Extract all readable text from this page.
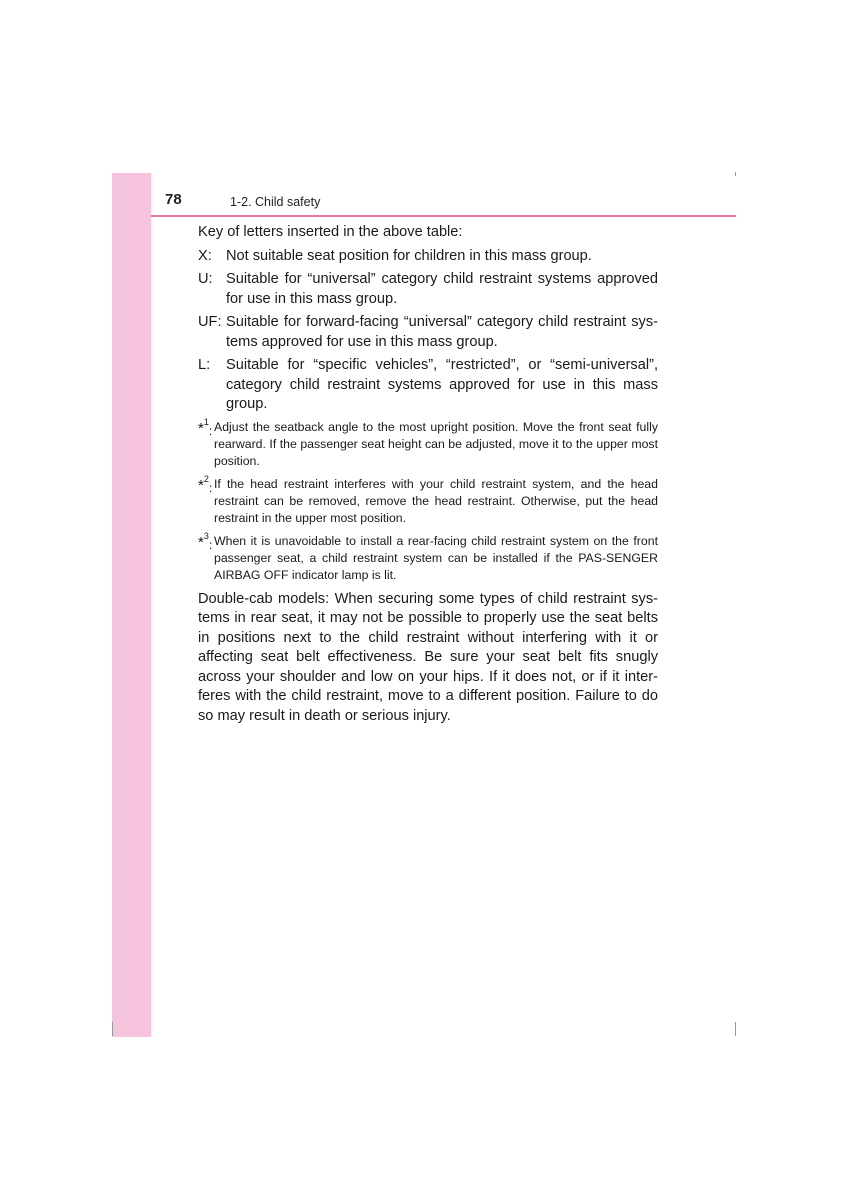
78	1-2. Child safety

Key of letters inserted in the above table:

X: Not suitable seat position for children in this mass group.
U: Suitable for “universal” category child restraint systems approved for use in this mass group.
UF: Suitable for forward-facing “universal” category child restraint sys-tems approved for use in this mass group.
L:	Suitable for “specific vehicles”, “restricted”, or “semi-universal”, category child restraint systems approved for use in this mass group.
*$^1$: Adjust the seatback angle to the most upright position. Move the front seat fully rearward. If the passenger seat height can be adjusted, move it to the upper most position.
*$^2$: If the head restraint interferes with your child restraint system, and the head restraint can be removed, remove the head restraint. Otherwise, put the head restraint in the upper most position.
*$^3$: When it is unavoidable to install a rear-facing child restraint system on the front passenger seat, a child restraint system can be installed if the PAS-SENGER AIRBAG OFF indicator lamp is lit.

Double-cab models: When securing some types of child restraint sys-tems in rear seat, it may not be possible to properly use the seat belts in positions next to the child restraint without interfering with it or affecting seat belt effectiveness. Be sure your seat belt fits snugly across your shoulder and low on your hips. If it does not, or if it inter-feres with the child restraint, move to a different position. Failure to do so may result in death or serious injury.
